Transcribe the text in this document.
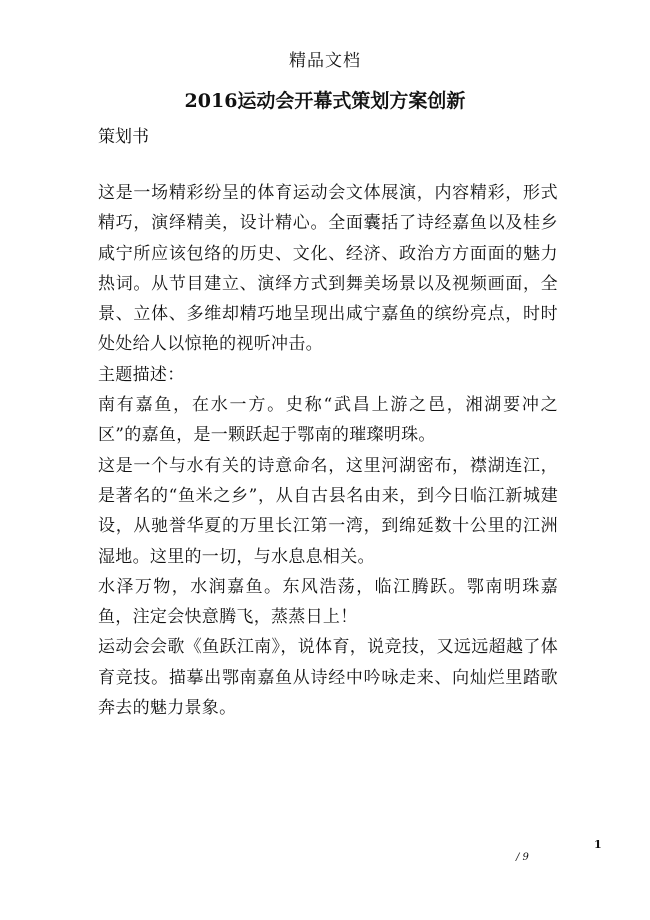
精品文档
2016运动会开幕式策划方案创新
策划书

这是一场精彩纷呈的体育运动会文体展演，内容精彩，形式精巧，演绎精美，设计精心。全面囊括了诗经嘉鱼以及桂乡咸宁所应该包络的历史、文化、经济、政治方方面面的魅力热词。从节目建立、演绎方式到舞美场景以及视频画面，全景、立体、多维却精巧地呈现出咸宁嘉鱼的缤纷亮点，时时处处给人以惊艳的视听冲击。

主题描述：

南有嘉鱼，在水一方。史称“武昌上游之邑，湘湖要冲之区”的嘉鱼，是一颗跃起于鄂南的璀璨明珠。

这是一个与水有关的诗意命名，这里河湖密布，襟湖连江，是著名的“鱼米之乡”，从自古县名由来，到今日临江新城建设，从驰誉华夏的万里长江第一湾，到绵延数十公里的江洲湿地。这里的一切，与水息息相关。

水泽万物，水润嘉鱼。东风浩荡，临江腾跃。鄂南明珠嘉鱼，注定会快意腾飞，蒸蒸日上！

运动会会歌《鱼跃江南》，说体育，说竞技，又远远超越了体育竞技。描摹出鄂南嘉鱼从诗经中吟咏走来、向灿烂里踏歌奔去的魅力景象。

1
/ 9
